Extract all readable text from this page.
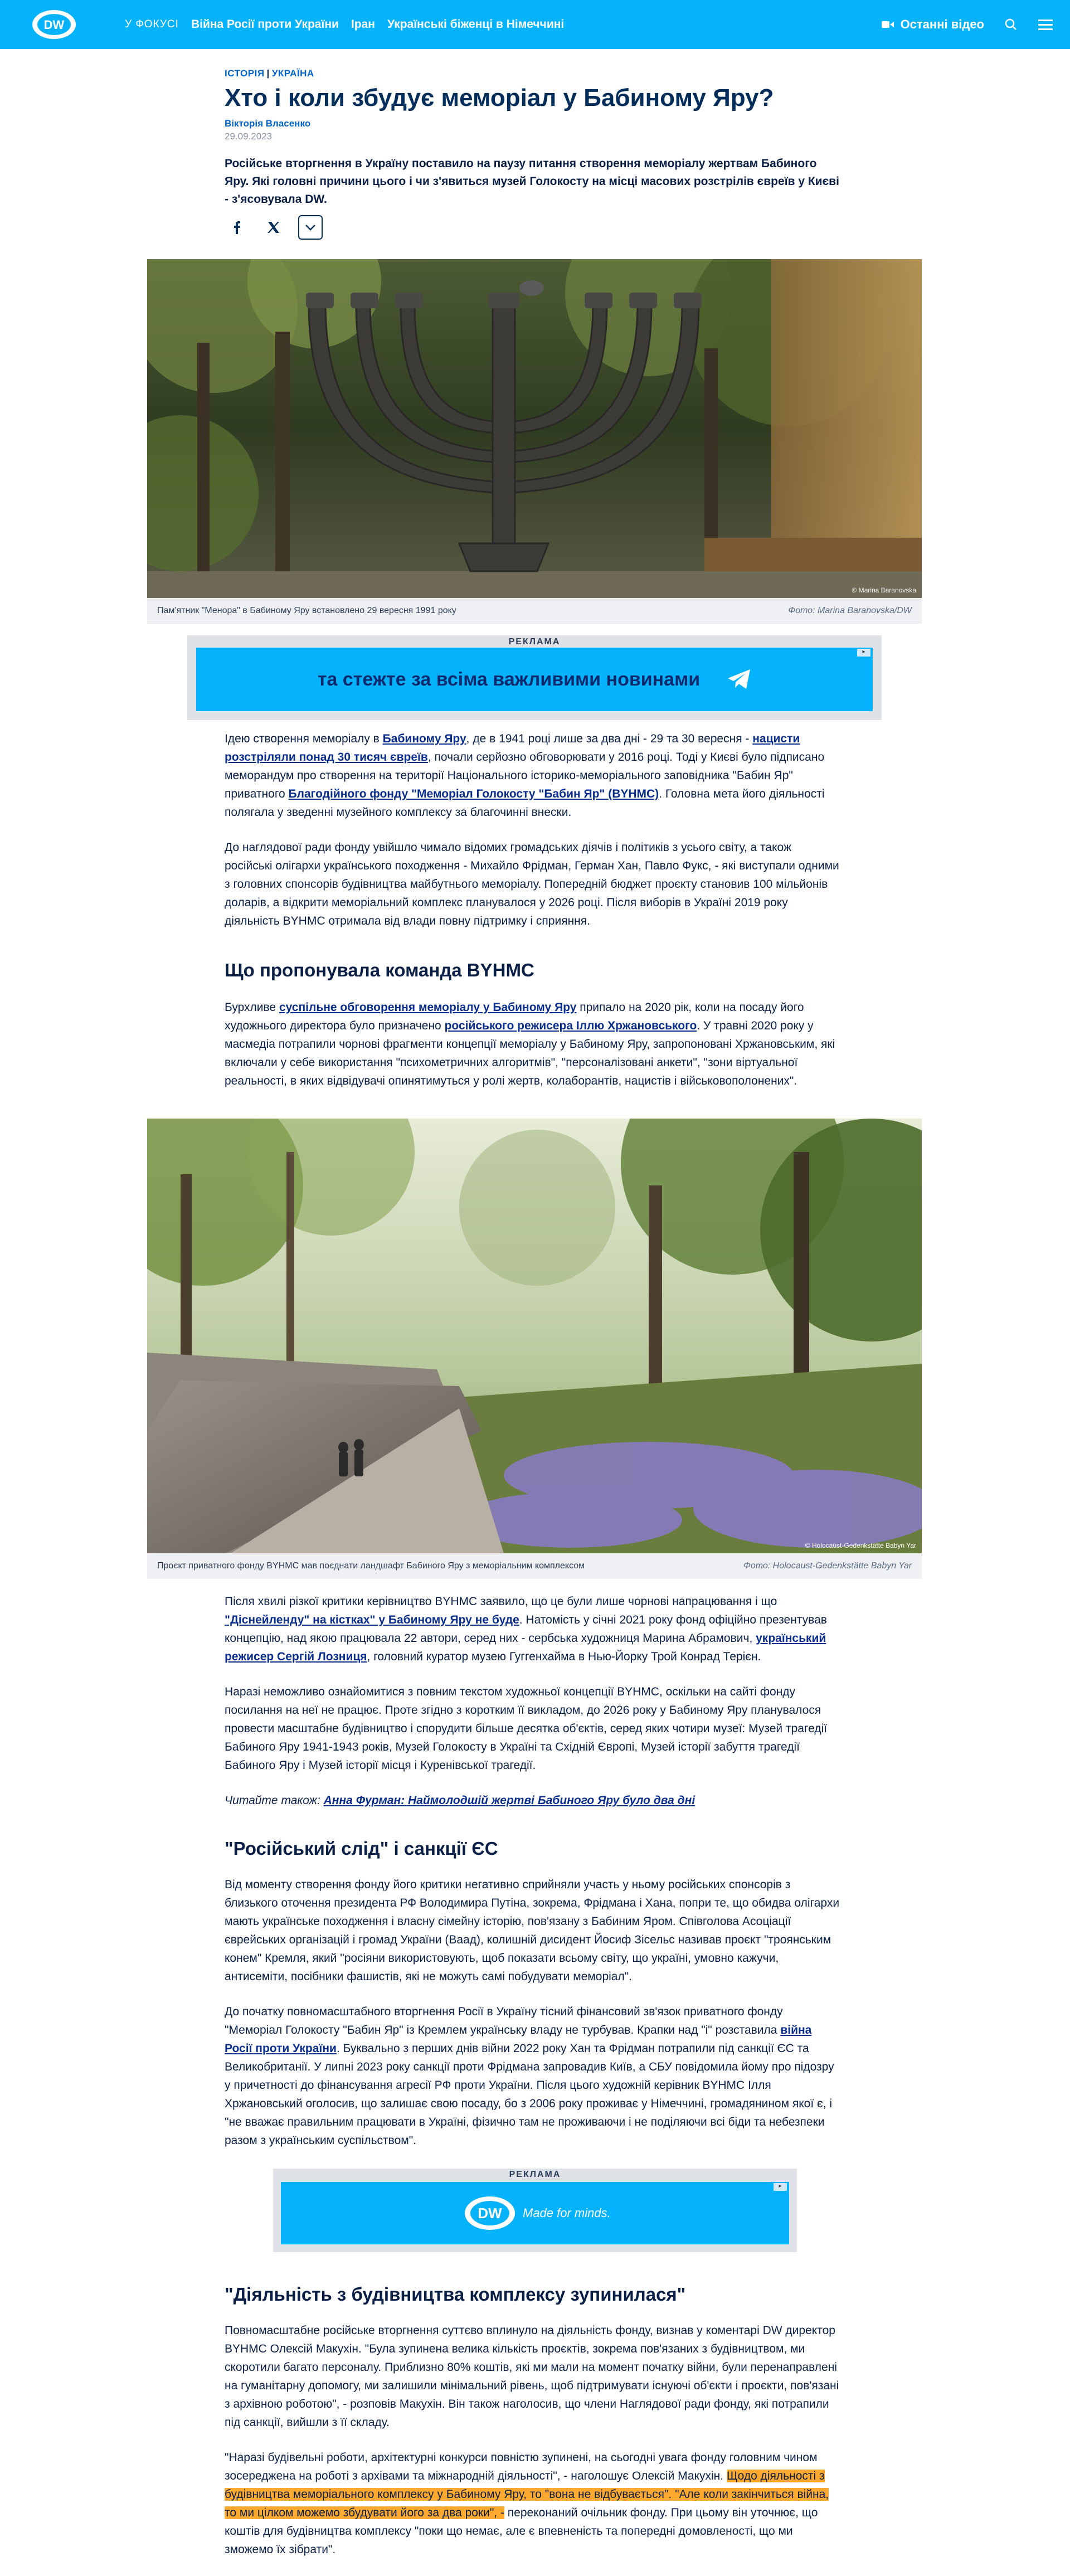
DW	У ФОКУСІ Війна Росії проти України Іран Українські біженці в Німеччині	Останні відео
ІСТОРІЯ | УКРАЇНА
Хто і коли збудує меморіал у Бабиному Яру?
Вікторія Власенко
29.09.2023

Російське вторгнення в Україну поставило на паузу питання створення меморіалу жертвам Бабиного Яру. Які головні причини цього і чи з'явиться музей Голокосту на місці масових розстрілів євреїв у Києві - з'ясовувала DW.

© Marina Baranovska
Пам'ятник "Менора" в Бабиному Яру встановлено 29 вересня 1991 року	Фото: Marina Baranovska/DW
РЕКЛАМА
та стежте за всіма важливими новинами
▸

Ідею створення меморіалу в Бабиному Яру, де в 1941 році лише за два дні - 29 та 30 вересня - нацисти розстріляли понад 30 тисяч євреїв, почали серйозно обговорювати у 2016 році. Тоді у Києві було підписано меморандум про створення на території Національного історико-меморіального заповідника "Бабин Яр" приватного Благодійного фонду "Меморіал Голокосту "Бабин Яр" (BYHMC). Головна мета його діяльності полягала у зведенні музейного комплексу за благочинні внески.

До наглядової ради фонду увійшло чимало відомих громадських діячів і політиків з усього світу, а також російські олігархи українського походження - Михайло Фрідман, Герман Хан, Павло Фукс, - які виступали одними з головних спонсорів будівництва майбутнього меморіалу. Попередній бюджет проєкту становив 100 мільйонів доларів, а відкрити меморіальний комплекс планувалося у 2026 році. Після виборів в Україні 2019 року діяльність BYHMC отримала від влади повну підтримку і сприяння.

Що пропонувала команда BYHMC

Бурхливе суспільне обговорення меморіалу у Бабиному Яру припало на 2020 рік, коли на посаду його художнього директора було призначено російського режисера Іллю Хржановського. У травні 2020 року у масмедіа потрапили чорнові фрагменти концепції меморіалу у Бабиному Яру, запропоновані Хржановським, які включали у себе використання "психометричних алгоритмів", "персоналізовані анкети", "зони віртуальної реальності, в яких відвідувачі опинятимуться у ролі жертв, колаборантів, нацистів і військовополонених".

© Holocaust-Gedenkstätte Babyn Yar
Проєкт приватного фонду BYHMC мав поєднати ландшафт Бабиного Яру з меморіальним комплексом	Фото: Holocaust-Gedenkstätte Babyn Yar

Після хвилі різкої критики керівництво BYHMC заявило, що це були лише чорнові напрацювання і що "Діснейленду" на кістках" у Бабиному Яру не буде. Натомість у січні 2021 року фонд офіційно презентував концепцію, над якою працювала 22 автори, серед них - сербська художниця Марина Абрамович, український режисер Сергій Лозниця, головний куратор музею Гуггенхайма в Нью-Йорку Трой Конрад Терієн.

Наразі неможливо ознайомитися з повним текстом художньої концепції BYHMC, оскільки на сайті фонду посилання на неї не працює. Проте згідно з коротким її викладом, до 2026 року у Бабиному Яру планувалося провести масштабне будівництво і спорудити більше десятка об'єктів, серед яких чотири музеї: Музей трагедії Бабиного Яру 1941-1943 років, Музей Голокосту в Україні та Східній Європі, Музей історії забуття трагедії Бабиного Яру і Музей історії місця і Куренівської трагедії.

Читайте також: Анна Фурман: Наймолодшій жертві Бабиного Яру було два дні

"Російський слід" і санкції ЄС

Від моменту створення фонду його критики негативно сприйняли участь у ньому російських спонсорів з близького оточення президента РФ Володимира Путіна, зокрема, Фрідмана і Хана, попри те, що обидва олігархи мають українське походження і власну сімейну історію, пов'язану з Бабиним Яром. Співголова Асоціації єврейських організацій і громад України (Ваад), колишній дисидент Йосиф Зісельс називав проєкт "троянським конем" Кремля, який "росіяни використовують, щоб показати всьому світу, що україні, умовно кажучи, антисеміти, посібники фашистів, які не можуть самі побудувати меморіал".

До початку повномасштабного вторгнення Росії в Україну тісний фінансовий зв'язок приватного фонду "Меморіал Голокосту "Бабин Яр" із Кремлем українську владу не турбував. Крапки над "і" розставила війна Росії проти України. Буквально з перших днів війни 2022 року Хан та Фрідман потрапили під санкції ЄС та Великобританії. У липні 2023 року санкції проти Фрідмана запровадив Київ, а СБУ повідомила йому про підозру у причетності до фінансування агресії РФ проти України. Після цього художній керівник BYHMC Ілля Хржановський оголосив, що залишає свою посаду, бо з 2006 року проживає у Німеччині, громадянином якої є, і "не вважає правильним працювати в Україні, фізично там не проживаючи і не поділяючи всі біди та небезпеки разом з українським суспільством".

РЕКЛАМА
DW Made for minds.
▸
"Діяльність з будівництва комплексу зупинилася"

Повномасштабне російське вторгнення суттєво вплинуло на діяльність фонду, визнав у коментарі DW директор BYHMC Олексій Макухін. "Була зупинена велика кількість проєктів, зокрема пов'язаних з будівництвом, ми скоротили багато персоналу. Приблизно 80% коштів, які ми мали на момент початку війни, були перенаправлені на гуманітарну допомогу, ми залишили мінімальний рівень, щоб підтримувати існуючі об'єкти і проєкти, пов'язані з архівною роботою", - розповів Макухін. Він також наголосив, що члени Наглядової ради фонду, які потрапили під санкції, вийшли з її складу.

"Наразі будівельні роботи, архітектурні конкурси повністю зупинені, на сьогодні увага фонду головним чином зосереджена на роботі з архівами та міжнародній діяльності", - наголошує Олексій Макухін. Щодо діяльності з будівництва меморіального комплексу у Бабиному Яру, то "вона не відбувається". "Але коли закінчиться війна, то ми цілком можемо збудувати його за два роки", - переконаний очільник фонду. При цьому він уточнює, що коштів для будівництва комплексу "поки що немає, але є впевненість та попередні домовленості, що ми зможемо їх зібрати".
